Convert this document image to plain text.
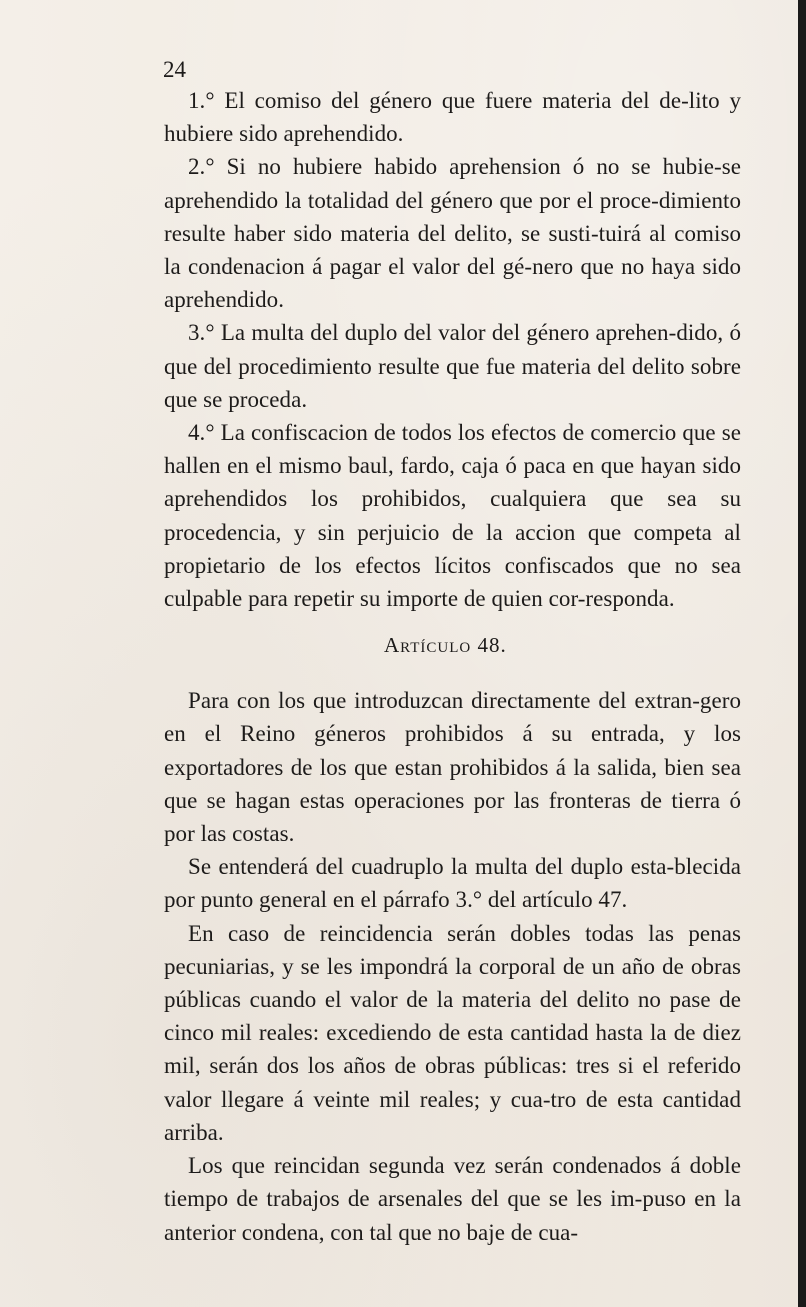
24

1.° El comiso del género que fuere materia del de-lito y hubiere sido aprehendido.

2.° Si no hubiere habido aprehension ó no se hubie-se aprehendido la totalidad del género que por el proce-dimiento resulte haber sido materia del delito, se susti-tuirá al comiso la condenacion á pagar el valor del gé-nero que no haya sido aprehendido.

3.° La multa del duplo del valor del género aprehen-dido, ó que del procedimiento resulte que fue materia del delito sobre que se proceda.

4.° La confiscacion de todos los efectos de comercio que se hallen en el mismo baul, fardo, caja ó paca en que hayan sido aprehendidos los prohibidos, cualquiera que sea su procedencia, y sin perjuicio de la accion que competa al propietario de los efectos lícitos confiscados que no sea culpable para repetir su importe de quien cor-responda.

Artículo 48.

Para con los que introduzcan directamente del extran-gero en el Reino géneros prohibidos á su entrada, y los exportadores de los que estan prohibidos á la salida, bien sea que se hagan estas operaciones por las fronteras de tierra ó por las costas.

Se entenderá del cuadruplo la multa del duplo esta-blecida por punto general en el párrafo 3.° del artículo 47.

En caso de reincidencia serán dobles todas las penas pecuniarias, y se les impondrá la corporal de un año de obras públicas cuando el valor de la materia del delito no pase de cinco mil reales: excediendo de esta cantidad hasta la de diez mil, serán dos los años de obras públicas: tres si el referido valor llegare á veinte mil reales; y cua-tro de esta cantidad arriba.

Los que reincidan segunda vez serán condenados á doble tiempo de trabajos de arsenales del que se les im-puso en la anterior condena, con tal que no baje de cua-
